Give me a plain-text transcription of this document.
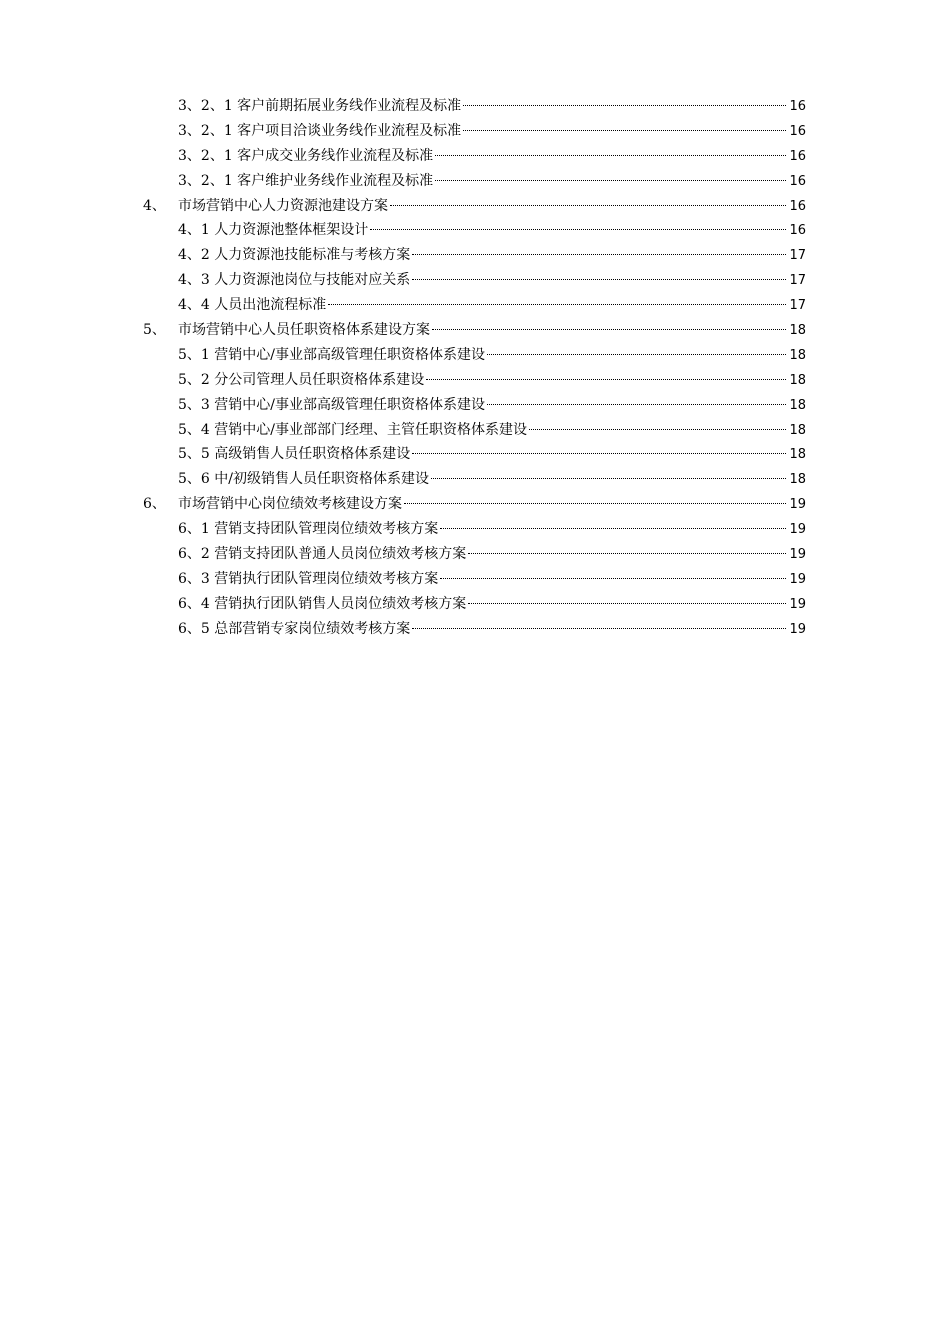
3、2、1 客户前期拓展业务线作业流程及标准	16
3、2、1 客户项目洽谈业务线作业流程及标准	16
3、2、1 客户成交业务线作业流程及标准	16
3、2、1 客户维护业务线作业流程及标准	16
4、 市场营销中心人力资源池建设方案	16
4、1 人力资源池整体框架设计	16
4、2 人力资源池技能标准与考核方案	17
4、3 人力资源池岗位与技能对应关系	17
4、4 人员出池流程标准	17
5、 市场营销中心人员任职资格体系建设方案	18
5、1 营销中心/事业部高级管理任职资格体系建设	18
5、2 分公司管理人员任职资格体系建设	18
5、3 营销中心/事业部高级管理任职资格体系建设	18
5、4 营销中心/事业部部门经理、主管任职资格体系建设	18
5、5 高级销售人员任职资格体系建设	18
5、6 中/初级销售人员任职资格体系建设	18
6、 市场营销中心岗位绩效考核建设方案	19
6、1 营销支持团队管理岗位绩效考核方案	19
6、2 营销支持团队普通人员岗位绩效考核方案	19
6、3 营销执行团队管理岗位绩效考核方案	19
6、4 营销执行团队销售人员岗位绩效考核方案	19
6、5 总部营销专家岗位绩效考核方案	19
